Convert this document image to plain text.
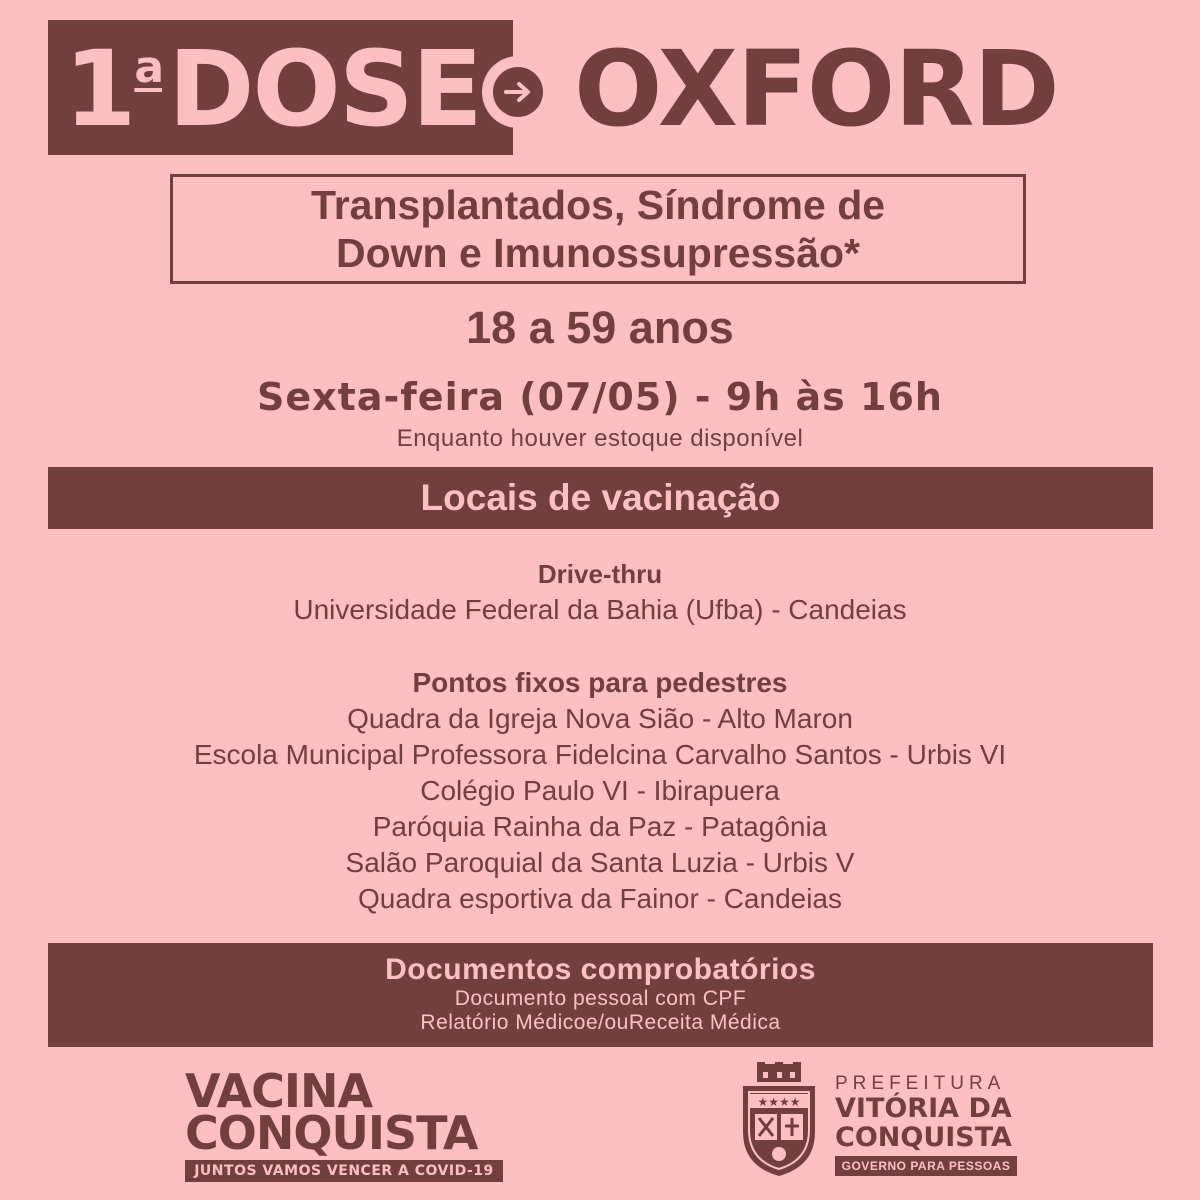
1 a DOSE OXFORD
Transplantados, Síndrome de
Down e Imunossupressão*
18 a 59 anos
Sexta-feira (07/05) - 9h às 16h
Enquanto houver estoque disponível
Locais de vacinação
Drive-thru
Universidade Federal da Bahia (Ufba) - Candeias
Pontos fixos para pedestres
Quadra da Igreja Nova Sião - Alto Maron
Escola Municipal Professora Fidelcina Carvalho Santos - Urbis VI
Colégio Paulo VI - Ibirapuera
Paróquia Rainha da Paz - Patagônia
Salão Paroquial da Santa Luzia - Urbis V
Quadra esportiva da Fainor - Candeias
Documentos comprobatórios
Documento pessoal com CPF
Relatório Médicoe/ouReceita Médica
VACINA
CONQUISTA
JUNTOS VAMOS VENCER A COVID-19
★★★★
PREFEITURA
VITÓRIA DA
CONQUISTA
GOVERNO PARA PESSOAS
